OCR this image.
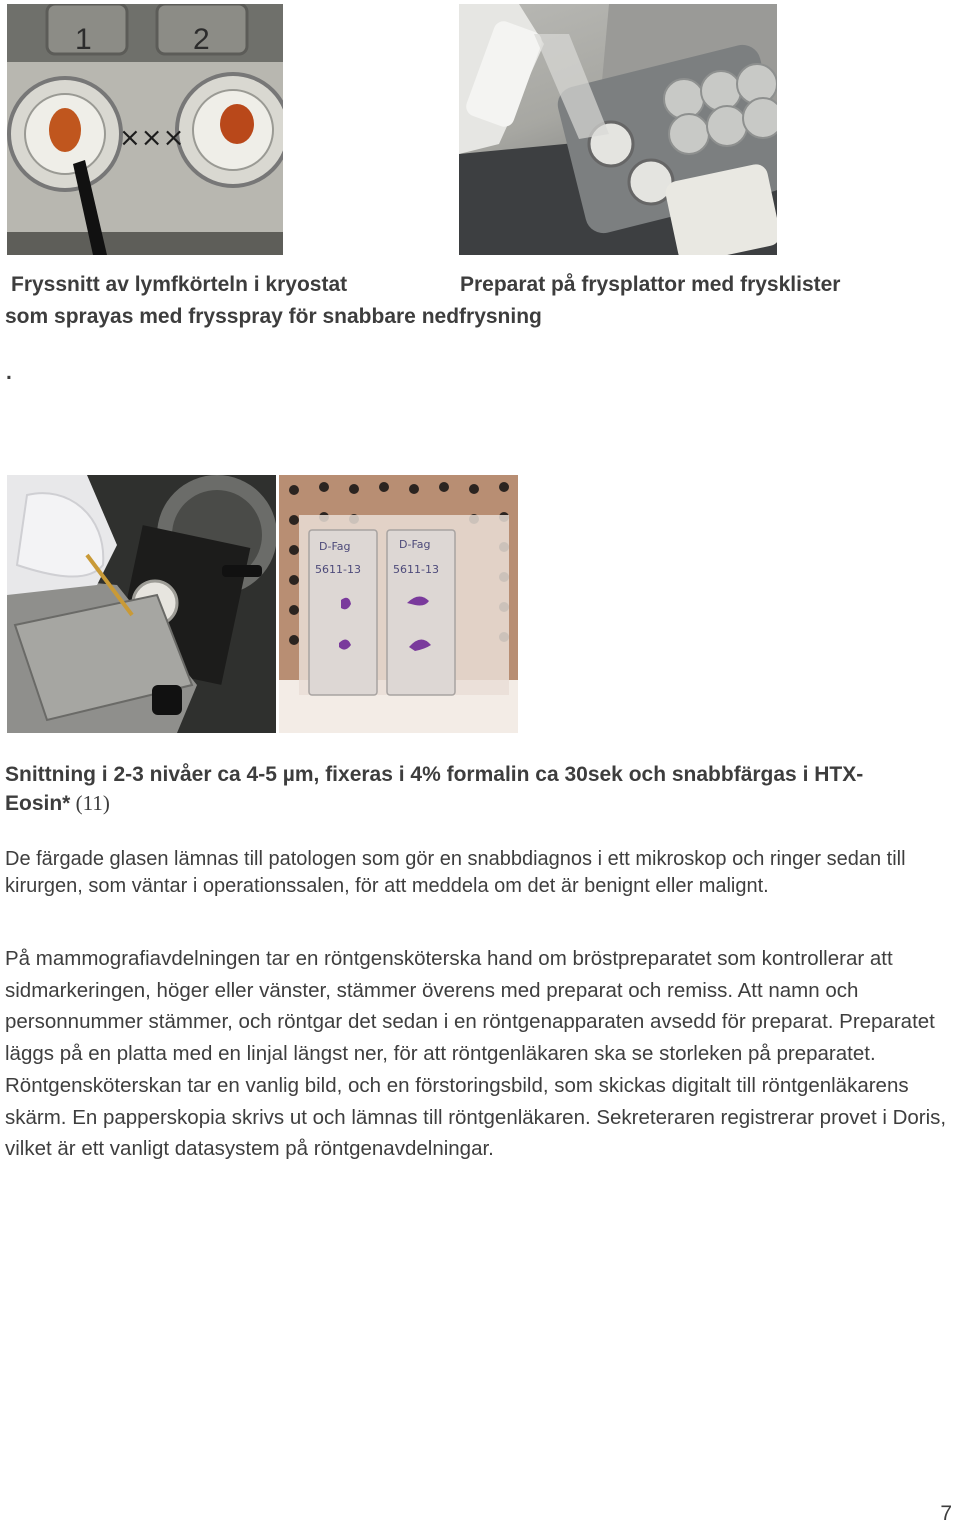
1	2
×××
Fryssnitt av lymfkörteln i kryostat	Preparat på frysplattor med frysklister
som sprayas med frysspray för snabbare nedfrysning
.
D-Fag
5611-13
D-Fag
5611-13
Snittning i 2-3 nivåer ca 4-5 µm, fixeras i 4% formalin ca 30sek och snabbfärgas i HTX-
Eosin* (11)
De färgade glasen lämnas till patologen som gör en snabbdiagnos i ett mikroskop och ringer sedan till kirurgen, som väntar i operationssalen, för att meddela om det är benignt eller malignt.
På mammografiavdelningen tar en röntgensköterska hand om bröstpreparatet som kontrollerar att sidmarkeringen, höger eller vänster, stämmer överens med preparat och remiss. Att namn och personnummer stämmer, och röntgar det sedan i en röntgenapparaten avsedd för preparat. Preparatet läggs på en platta med en linjal längst ner, för att röntgenläkaren ska se storleken på preparatet. Röntgensköterskan tar en vanlig bild, och en förstoringsbild, som skickas digitalt till röntgenläkarens skärm. En papperskopia skrivs ut och lämnas till röntgenläkaren. Sekreteraren registrerar provet i Doris, vilket är ett vanligt datasystem på röntgenavdelningar.
7
